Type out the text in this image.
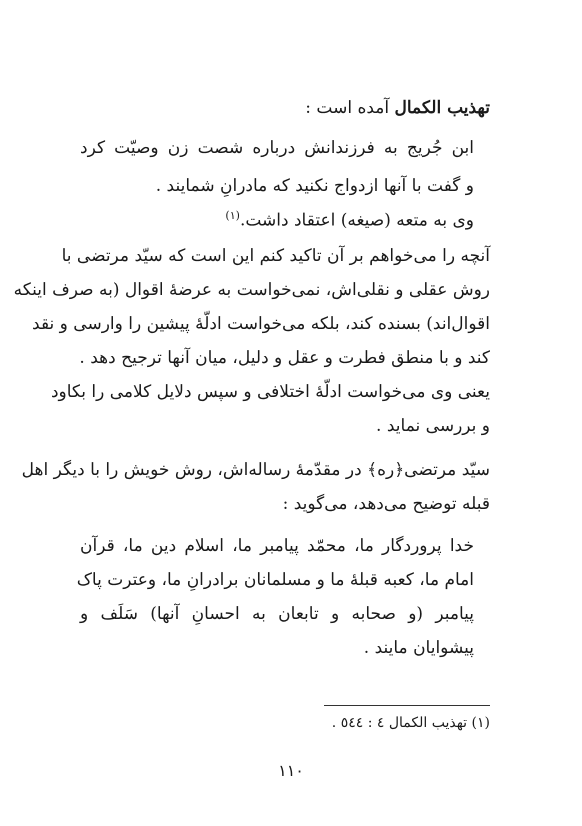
تهذیب الکمال آمده است :
ابن جُریج به فرزندانش درباره شصت زن وصیّت کرد
و گفت با آنها ازدواج نکنید که مادرانِ شمایند .
وی به متعه (صیغه) اعتقاد داشت.$^{(۱)}$
آنچه را می‌خواهم بر آن تاکید کنم این است که سیّد مرتضی با
روش عقلی و نقلی‌اش، نمی‌خواست به عرضهٔ اقوال (به صرف اینکه
اقوال‌اند) بسنده کند، بلکه می‌خواست ادلّهٔ پیشین را وارسی و نقد
کند و با منطق فطرت و عقل و دلیل، میان آنها ترجیح دهد .
یعنی وی می‌خواست ادلّهٔ اختلافی و سپس دلایل کلامی را بکاود
و بررسی نماید .
سیّد مرتضی﴿ره﴾ در مقدّمهٔ رساله‌اش، روش خویش را با دیگر اهل
قبله توضیح می‌دهد، می‌گوید :
خدا پروردگار ما، محمّد پیامبر ما، اسلام دین ما، قرآن
امام ما، کعبه قبلهٔ ما و مسلمانان برادرانِ ما، وعترت پاک
پیامبر (و صحابه و تابعان به احسانِ آنها) سَلَف و
پیشوایان مایند .
(۱) تهذیب الکمال ٤ : ٥٤٤ .
۱۱۰
